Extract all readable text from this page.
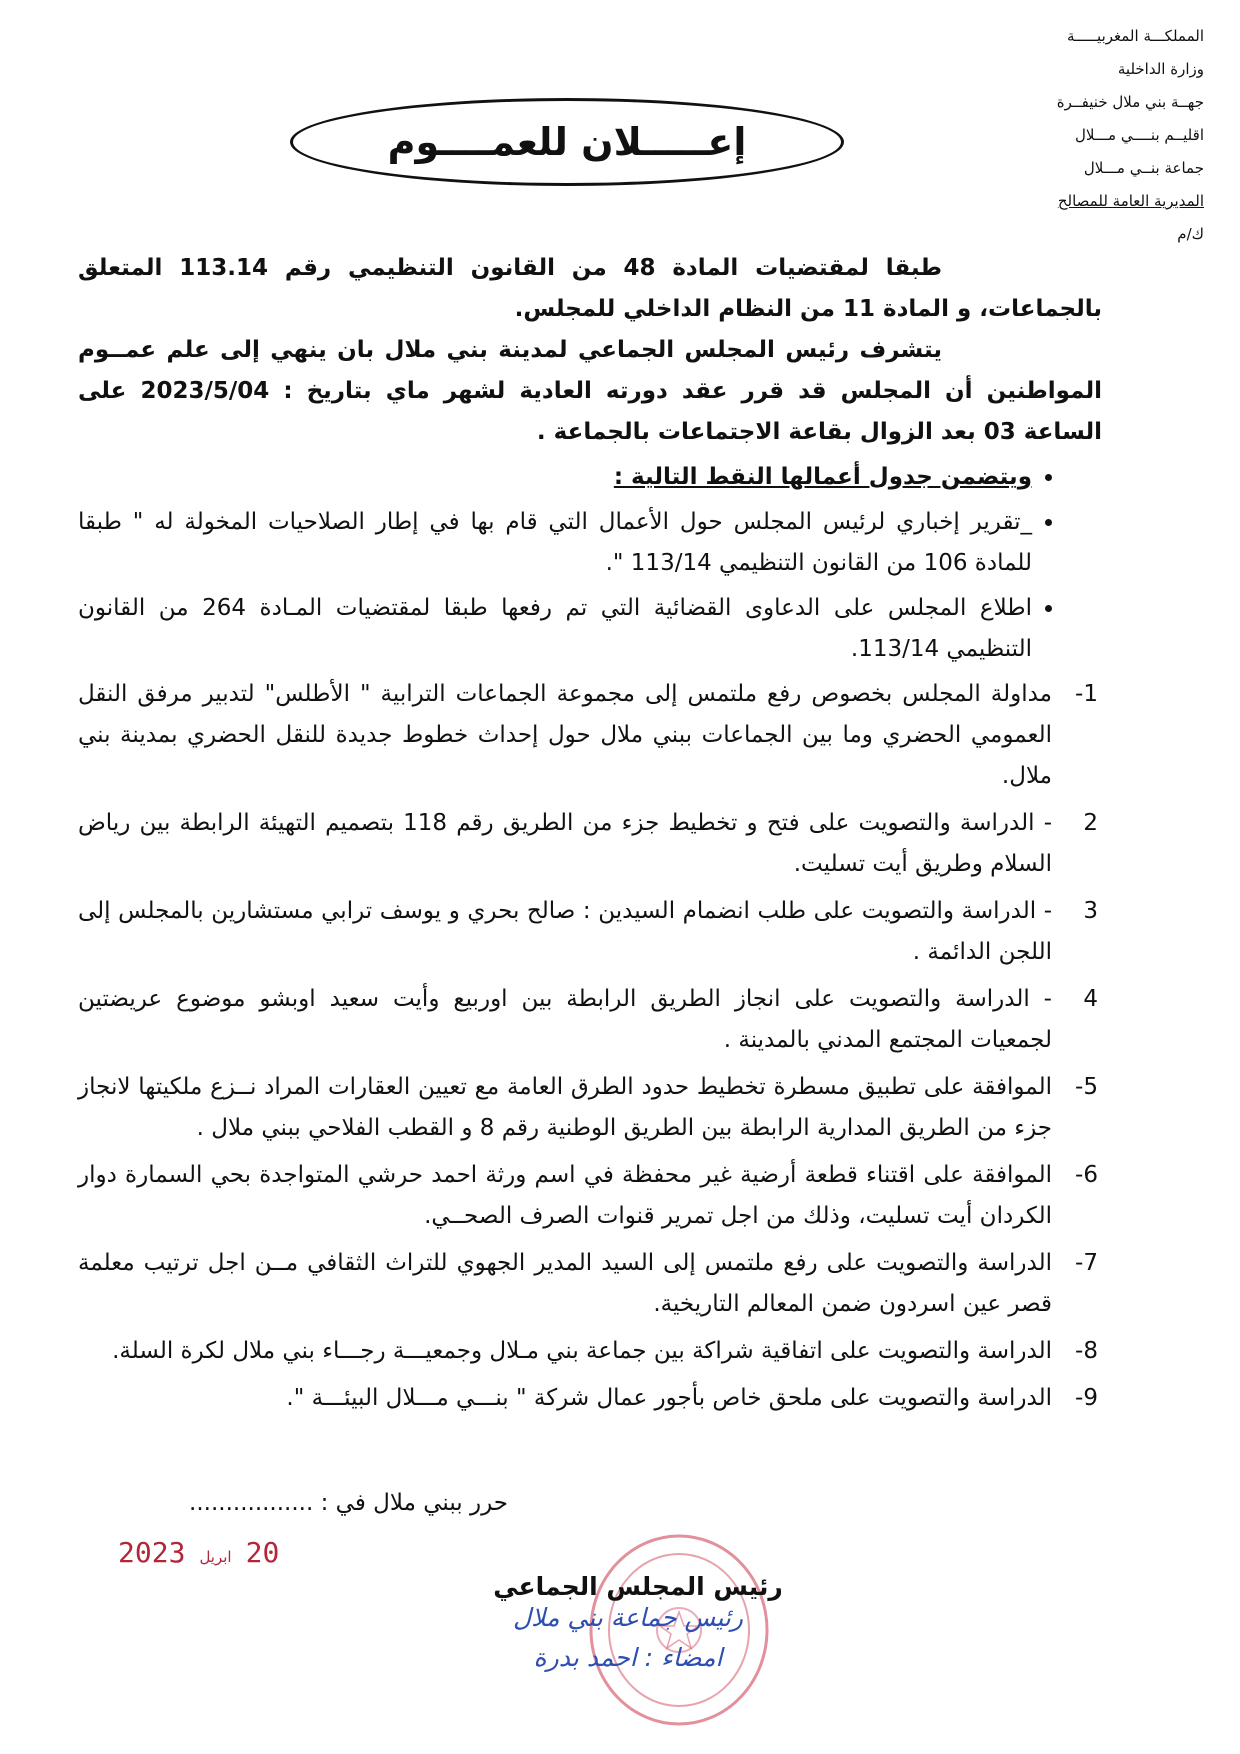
المملكـــة المغربيـــــة
وزارة الداخلية
جهــة بني ملال خنيفــرة
اقليــم بنــــي مـــلال
جماعة بنــي مـــلال
المديرية العامة للمصالح
ك/م
إعـــــلان للعمــــوم

طبقا لمقتضيات المادة 48 من القانون التنظيمي رقم 113.14 المتعلق بالجماعات، و المادة 11 من النظام الداخلي للمجلس.

يتشرف رئيس المجلس الجماعي لمدينة بني ملال بان ينهي إلى علم عمــوم المواطنين أن المجلس قد قرر عقد دورته العادية لشهر ماي بتاريخ : 2023/5/04 على الساعة 03 بعد الزوال بقاعة الاجتماعات بالجماعة .

• ويتضمن جدول أعمالها النقط التالية :
• _تقرير إخباري لرئيس المجلس حول الأعمال التي قام بها في إطار الصلاحيات المخولة له " طبقا للمادة 106 من القانون التنظيمي 113/14 ".
• اطلاع المجلس على الدعاوى القضائية التي تم رفعها طبقا لمقتضيات المـادة 264 من القانون التنظيمي 113/14.
1-
مداولة المجلس بخصوص رفع ملتمس إلى مجموعة الجماعات الترابية " الأطلس" لتدبير مرفق النقل العمومي الحضري وما بين الجماعات ببني ملال حول إحداث خطوط جديدة للنقل الحضري بمدينة بني ملال.
2
- الدراسة والتصويت على فتح و تخطيط جزء من الطريق رقم 118 بتصميم التهيئة الرابطة بين رياض السلام وطريق أيت تسليت.
3
- الدراسة والتصويت على طلب انضمام السيدين : صالح بحري و يوسف ترابي مستشارين بالمجلس إلى اللجن الدائمة .
4
- الدراسة والتصويت على انجاز الطريق الرابطة بين اوربيع وأيت سعيد اوبشو موضوع عريضتين لجمعيات المجتمع المدني بالمدينة .
5-
الموافقة على تطبيق مسطرة تخطيط حدود الطرق العامة مع تعيين العقارات المراد نــزع ملكيتها لانجاز جزء من الطريق المدارية الرابطة بين الطريق الوطنية رقم 8 و القطب الفلاحي ببني ملال .
6-
الموافقة على اقتناء قطعة أرضية غير محفظة في اسم ورثة احمد حرشي المتواجدة بحي السمارة دوار الكردان أيت تسليت، وذلك من اجل تمرير قنوات الصرف الصحــي.
7-
الدراسة والتصويت على رفع ملتمس إلى السيد المدير الجهوي للتراث الثقافي مــن اجل ترتيب معلمة قصر عين اسردون ضمن المعالم التاريخية.
8-
الدراسة والتصويت على اتفاقية شراكة بين جماعة بني مـلال وجمعيـــة رجـــاء بني ملال لكرة السلة.
9-
الدراسة والتصويت على ملحق خاص بأجور عمال شركة " بنـــي مـــلال البيئـــة ".
حرر ببني ملال في : .................
2023 ابريل 20
رئيس المجلس الجماعي
رئيس جماعة بني ملال
امضاء : احمد بدرة
